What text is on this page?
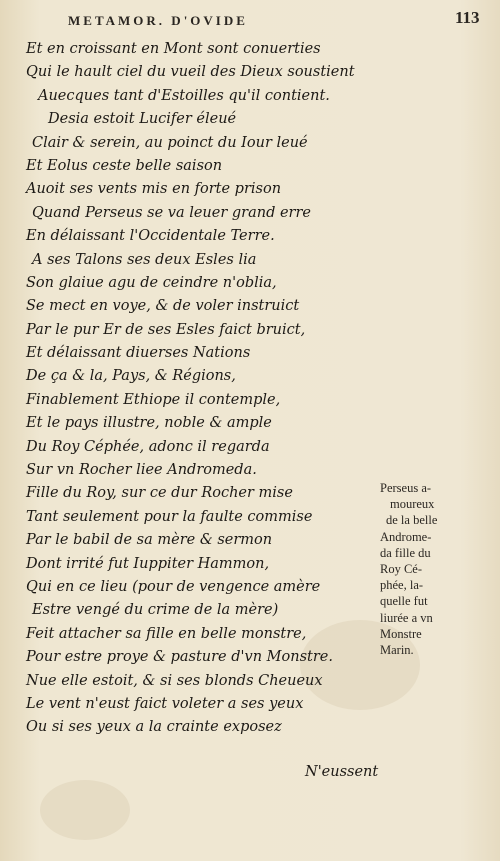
METAMOR. D'OVIDE	113
Et en croissant en Mont sont conuerties
Qui le hault ciel du vueil des Dieux soustient
Auecques tant d'Estoilles qu'il contient.
Desia estoit Lucifer éleué
Clair & serein, au poinct du Iour leué
Et Eolus ceste belle saison
Auoit ses vents mis en forte prison
Quand Perseus se va leuer grand erre
En délaissant l'Occidentale Terre.
A ses Talons ses deux Esles lia
Son glaiue agu de ceindre n'oblia,
Se mect en voye, & de voler instruict
Par le pur Er de ses Esles faict bruict,
Et délaissant diuerses Nations
De ça & la, Pays, & Régions,
Finablement Ethiope il contemple,
Et le pays illustre, noble & ample
Du Roy Céphée, adonc il regarda
Sur vn Rocher liee Andromeda.
Fille du Roy, sur ce dur Rocher mise
Tant seulement pour la faulte commise
Par le babil de sa mère & sermon
Dont irrité fut Iuppiter Hammon,
Qui en ce lieu (pour de vengence amère
Estre vengé du crime de la mère)
Feit attacher sa fille en belle monstre,
Pour estre proye & pasture d'vn Monstre.
Nue elle estoit, & si ses blonds Cheueux
Le vent n'eust faict voleter a ses yeux
Ou si ses yeux a la crainte exposez
Perseus a-
moureux
de la belle
Androme-
da fille du
Roy Cé-
phée, la-
quelle fut
liurée a vn
Monstre
Marin.
N'eussent
